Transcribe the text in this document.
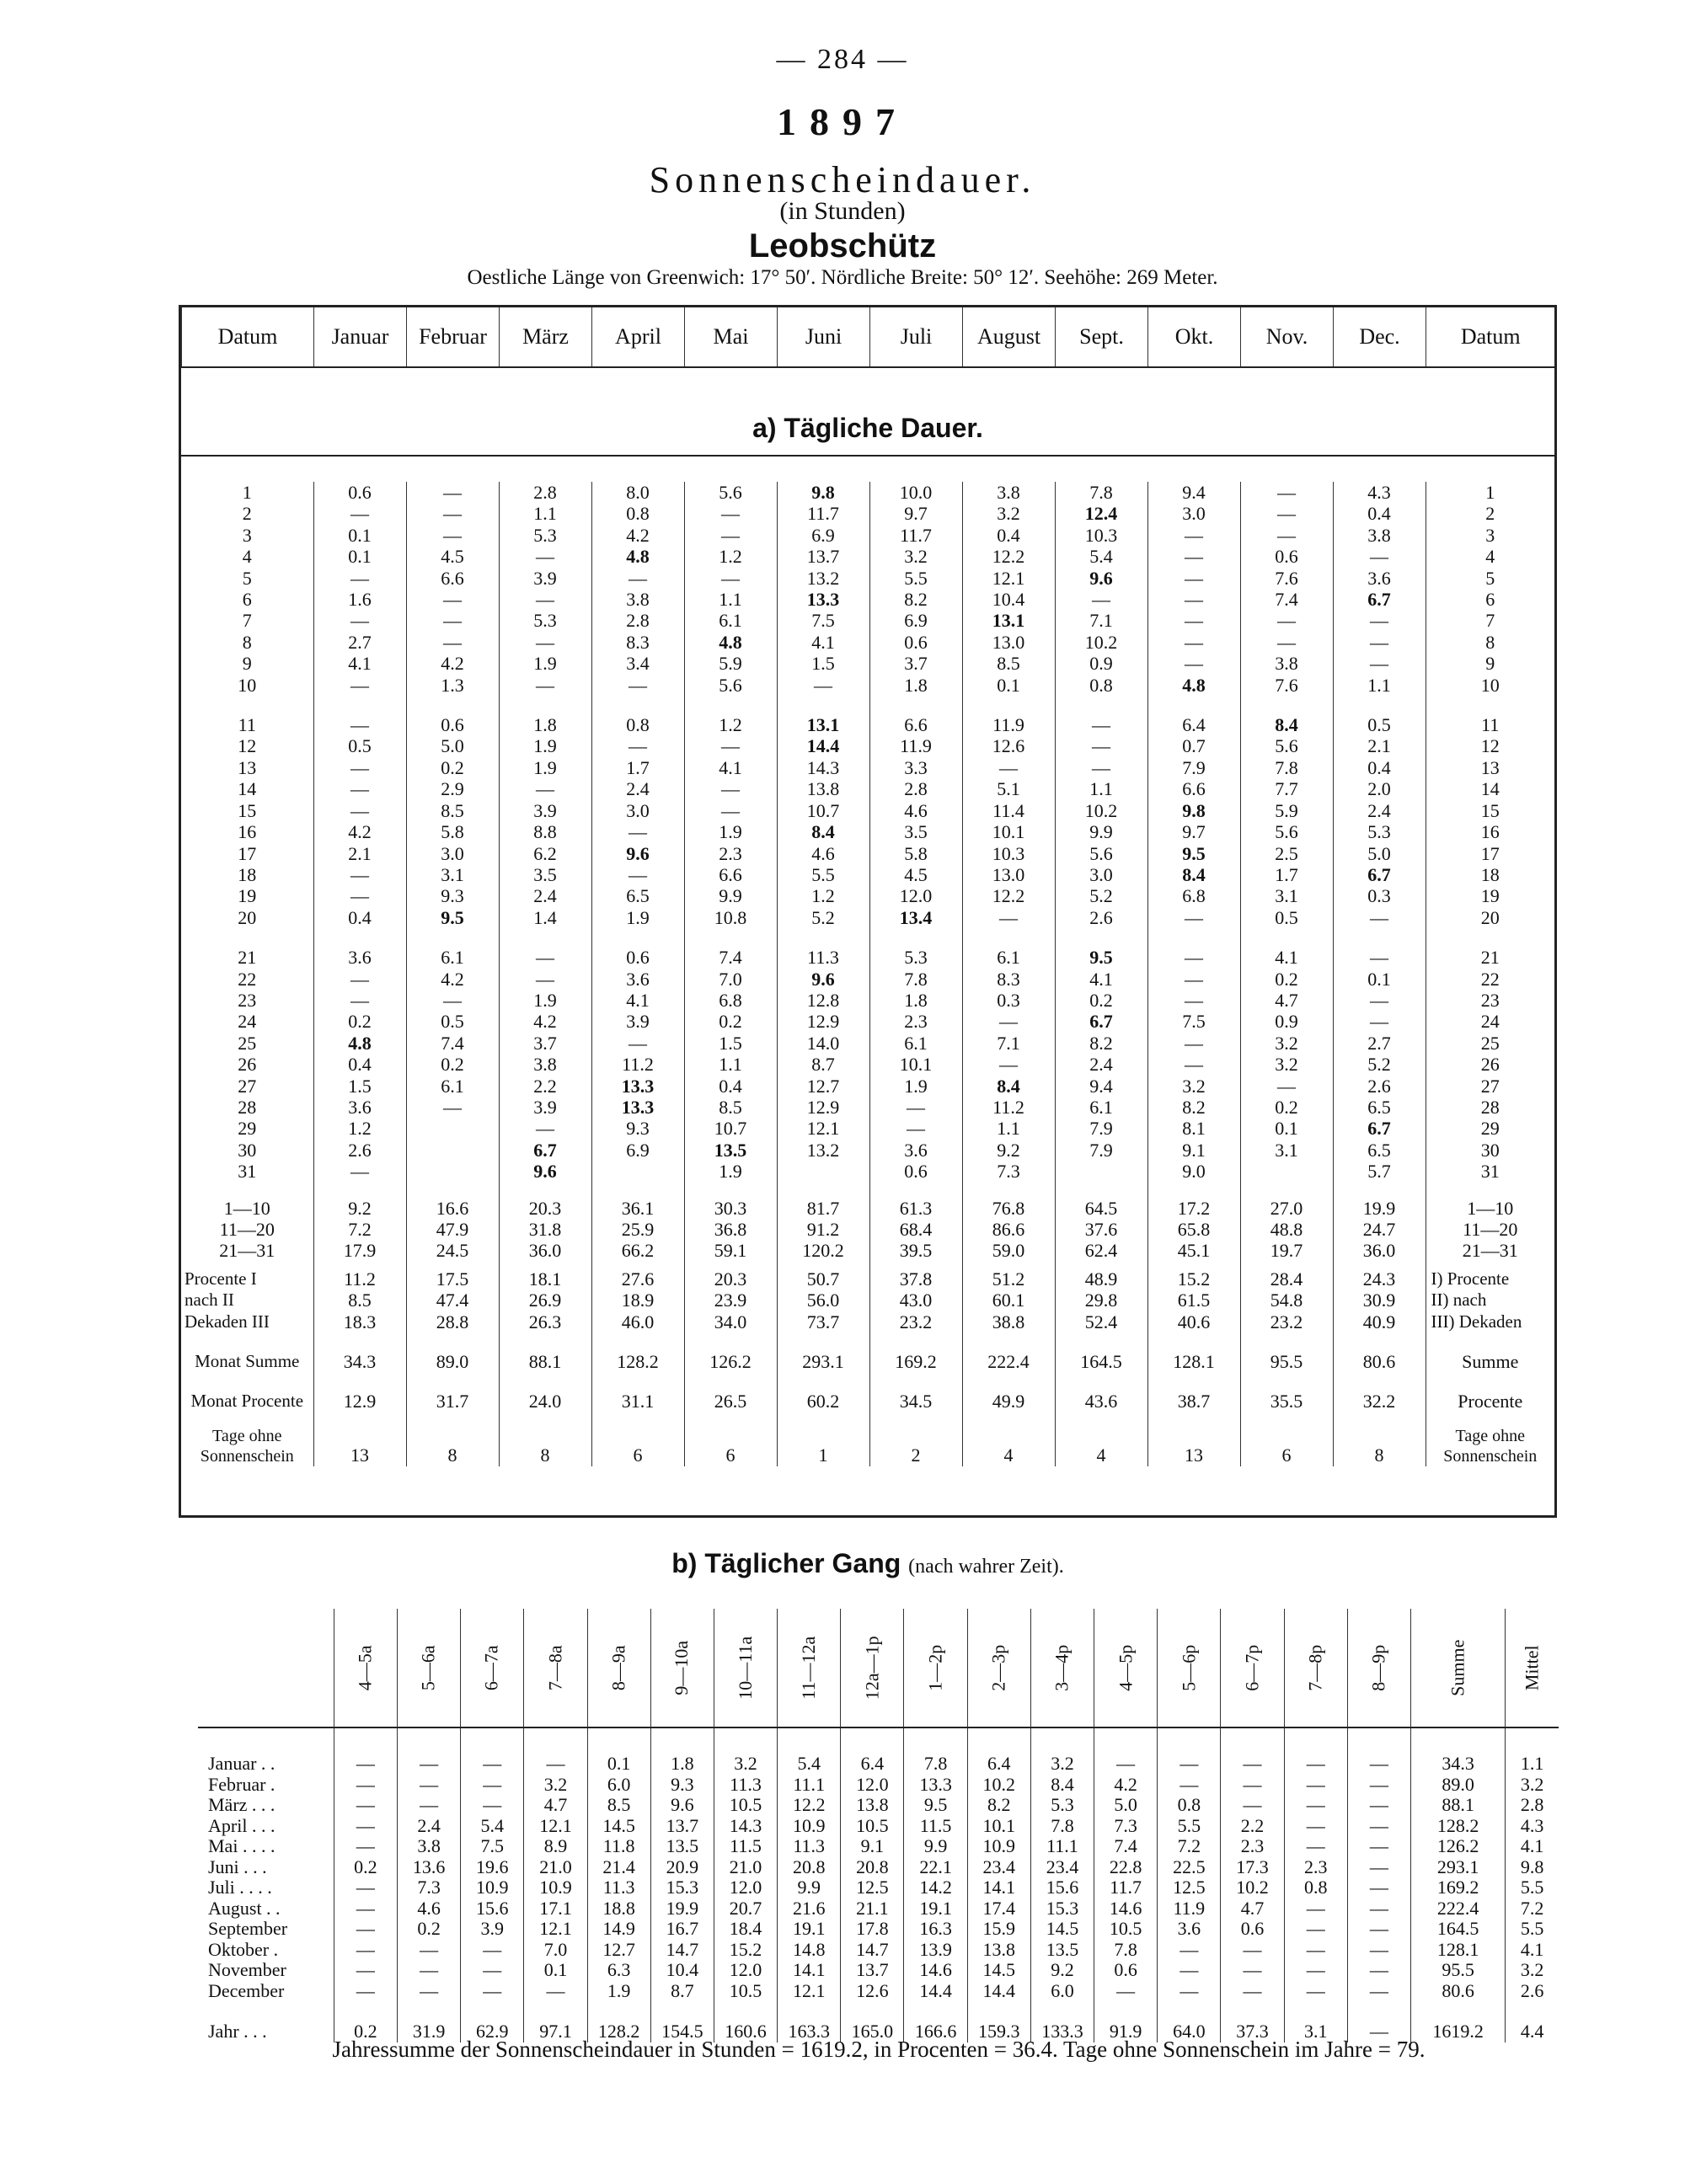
— 284 —
1897
Sonnenscheindauer.
(in Stunden)
Leobschütz
Oestliche Länge von Greenwich: 17° 50′. Nördliche Breite: 50° 12′. Seehöhe: 269 Meter.
Datum	Januar	Februar	März	April	Mai	Juni	Juli	August	Sept.	Okt.	Nov.	Dec.	Datum
a) Tägliche Dauer.
1	0.6	—	2.8	8.0	5.6	9.8	10.0	3.8	7.8	9.4	—	4.3	1
2	—	—	1.1	0.8	—	11.7	9.7	3.2	12.4	3.0	—	0.4	2
3	0.1	—	5.3	4.2	—	6.9	11.7	0.4	10.3	—	—	3.8	3
4	0.1	4.5	—	4.8	1.2	13.7	3.2	12.2	5.4	—	0.6	—	4
5	—	6.6	3.9	—	—	13.2	5.5	12.1	9.6	—	7.6	3.6	5
6	1.6	—	—	3.8	1.1	13.3	8.2	10.4	—	—	7.4	6.7	6
7	—	—	5.3	2.8	6.1	7.5	6.9	13.1	7.1	—	—	—	7
8	2.7	—	—	8.3	4.8	4.1	0.6	13.0	10.2	—	—	—	8
9	4.1	4.2	1.9	3.4	5.9	1.5	3.7	8.5	0.9	—	3.8	—	9
10	—	1.3	—	—	5.6	—	1.8	0.1	0.8	4.8	7.6	1.1	10

11	—	0.6	1.8	0.8	1.2	13.1	6.6	11.9	—	6.4	8.4	0.5	11
12	0.5	5.0	1.9	—	—	14.4	11.9	12.6	—	0.7	5.6	2.1	12
13	—	0.2	1.9	1.7	4.1	14.3	3.3	—	—	7.9	7.8	0.4	13
14	—	2.9	—	2.4	—	13.8	2.8	5.1	1.1	6.6	7.7	2.0	14
15	—	8.5	3.9	3.0	—	10.7	4.6	11.4	10.2	9.8	5.9	2.4	15
16	4.2	5.8	8.8	—	1.9	8.4	3.5	10.1	9.9	9.7	5.6	5.3	16
17	2.1	3.0	6.2	9.6	2.3	4.6	5.8	10.3	5.6	9.5	2.5	5.0	17
18	—	3.1	3.5	—	6.6	5.5	4.5	13.0	3.0	8.4	1.7	6.7	18
19	—	9.3	2.4	6.5	9.9	1.2	12.0	12.2	5.2	6.8	3.1	0.3	19
20	0.4	9.5	1.4	1.9	10.8	5.2	13.4	—	2.6	—	0.5	—	20

21	3.6	6.1	—	0.6	7.4	11.3	5.3	6.1	9.5	—	4.1	—	21
22	—	4.2	—	3.6	7.0	9.6	7.8	8.3	4.1	—	0.2	0.1	22
23	—	—	1.9	4.1	6.8	12.8	1.8	0.3	0.2	—	4.7	—	23
24	0.2	0.5	4.2	3.9	0.2	12.9	2.3	—	6.7	7.5	0.9	—	24
25	4.8	7.4	3.7	—	1.5	14.0	6.1	7.1	8.2	—	3.2	2.7	25
26	0.4	0.2	3.8	11.2	1.1	8.7	10.1	—	2.4	—	3.2	5.2	26
27	1.5	6.1	2.2	13.3	0.4	12.7	1.9	8.4	9.4	3.2	—	2.6	27
28	3.6	—	3.9	13.3	8.5	12.9	—	11.2	6.1	8.2	0.2	6.5	28
29	1.2		—	9.3	10.7	12.1	—	1.1	7.9	8.1	0.1	6.7	29
30	2.6		6.7	6.9	13.5	13.2	3.6	9.2	7.9	9.1	3.1	6.5	30
31	—		9.6		1.9		0.6	7.3		9.0		5.7	31

1—10	9.2	16.6	20.3	36.1	30.3	81.7	61.3	76.8	64.5	17.2	27.0	19.9	1—10
11—20	7.2	47.9	31.8	25.9	36.8	91.2	68.4	86.6	37.6	65.8	48.8	24.7	11—20
21—31	17.9	24.5	36.0	66.2	59.1	120.2	39.5	59.0	62.4	45.1	19.7	36.0	21—31

Procente I	11.2	17.5	18.1	27.6	20.3	50.7	37.8	51.2	48.9	15.2	28.4	24.3	I) Procente
nach II	8.5	47.4	26.9	18.9	23.9	56.0	43.0	60.1	29.8	61.5	54.8	30.9	II) nach
Dekaden III	18.3	28.8	26.3	46.0	34.0	73.7	23.2	38.8	52.4	40.6	23.2	40.9	III) Dekaden

Monat Summe	34.3	89.0	88.1	128.2	126.2	293.1	169.2	222.4	164.5	128.1	95.5	80.6	Summe

Monat Procente	12.9	31.7	24.0	31.1	26.5	60.2	34.5	49.9	43.6	38.7	35.5	32.2	Procente

Tage ohne Sonnenschein	13	8	8	6	6	1	2	4	4	13	6	8	Tage ohne Sonnenschein
b) Täglicher Gang (nach wahrer Zeit).
	4—5a	5—6a	6—7a	7—8a	8—9a	9—10a	10—11a	11—12a	12a—1p	1—2p	2—3p	3—4p	4—5p	5—6p	6—7p	7—8p	8—9p	Summe	Mittel

Januar . .	—	—	—	—	0.1	1.8	3.2	5.4	6.4	7.8	6.4	3.2	—	—	—	—	—	34.3	1.1
Februar .	—	—	—	3.2	6.0	9.3	11.3	11.1	12.0	13.3	10.2	8.4	4.2	—	—	—	—	89.0	3.2
März . . .	—	—	—	4.7	8.5	9.6	10.5	12.2	13.8	9.5	8.2	5.3	5.0	0.8	—	—	—	88.1	2.8
April . . .	—	2.4	5.4	12.1	14.5	13.7	14.3	10.9	10.5	11.5	10.1	7.8	7.3	5.5	2.2	—	—	128.2	4.3
Mai . . . .	—	3.8	7.5	8.9	11.8	13.5	11.5	11.3	9.1	9.9	10.9	11.1	7.4	7.2	2.3	—	—	126.2	4.1
Juni . . .	0.2	13.6	19.6	21.0	21.4	20.9	21.0	20.8	20.8	22.1	23.4	23.4	22.8	22.5	17.3	2.3	—	293.1	9.8
Juli . . . .	—	7.3	10.9	10.9	11.3	15.3	12.0	9.9	12.5	14.2	14.1	15.6	11.7	12.5	10.2	0.8	—	169.2	5.5
August . .	—	4.6	15.6	17.1	18.8	19.9	20.7	21.6	21.1	19.1	17.4	15.3	14.6	11.9	4.7	—	—	222.4	7.2
September	—	0.2	3.9	12.1	14.9	16.7	18.4	19.1	17.8	16.3	15.9	14.5	10.5	3.6	0.6	—	—	164.5	5.5
Oktober .	—	—	—	7.0	12.7	14.7	15.2	14.8	14.7	13.9	13.8	13.5	7.8	—	—	—	—	128.1	4.1
November	—	—	—	0.1	6.3	10.4	12.0	14.1	13.7	14.6	14.5	9.2	0.6	—	—	—	—	95.5	3.2
December	—	—	—	—	1.9	8.7	10.5	12.1	12.6	14.4	14.4	6.0	—	—	—	—	—	80.6	2.6

Jahr . . .	0.2	31.9	62.9	97.1	128.2	154.5	160.6	163.3	165.0	166.6	159.3	133.3	91.9	64.0	37.3	3.1	—	1619.2	4.4
Jahressumme der Sonnenscheindauer in Stunden = 1619.2, in Procenten = 36.4. Tage ohne Sonnenschein im Jahre = 79.
